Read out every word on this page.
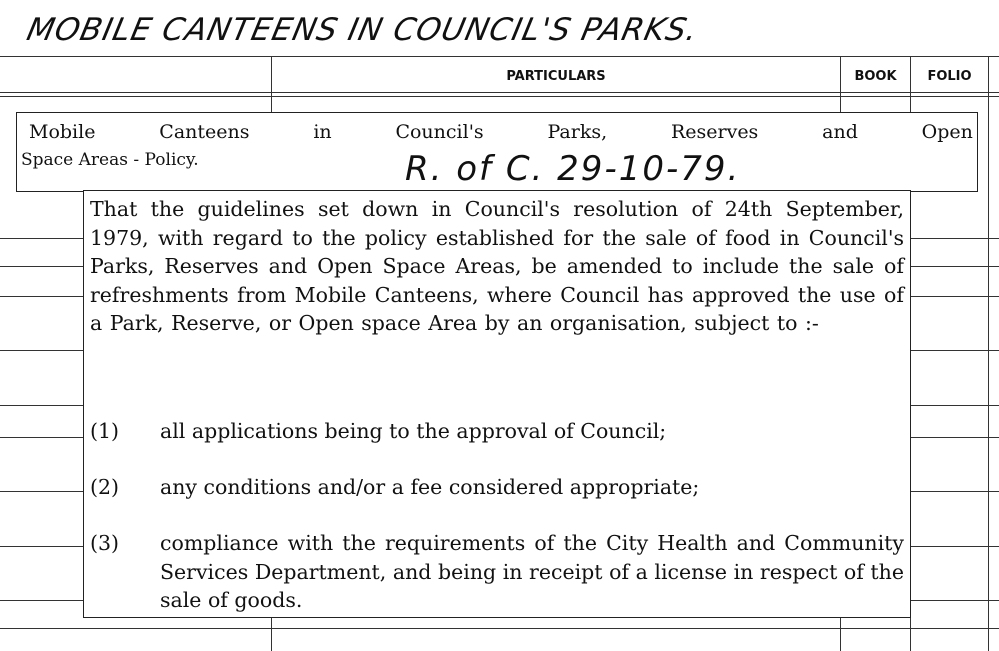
MOBILE CANTEENS IN COUNCIL'S PARKS.
PARTICULARS	BOOK	FOLIO
Mobile	Canteens	in	Council's	Parks,	Reserves	and	Open
Space Areas - Policy.	R. of C. 29-10-79.
That the guidelines set down in Council's resolution of 24th September, 1979, with regard to the policy established for the sale of food in Council's Parks, Reserves and Open Space Areas, be amended to include the sale of refreshments from Mobile Canteens, where Council has approved the use of a Park, Reserve, or Open space Area by an organisation, subject to :-
(1) all applications being to the approval of Council;
(2) any conditions and/or a fee considered appropriate;
(3) compliance with the requirements of the City Health and Community Services Department, and being in receipt of a license in respect of the sale of goods.
